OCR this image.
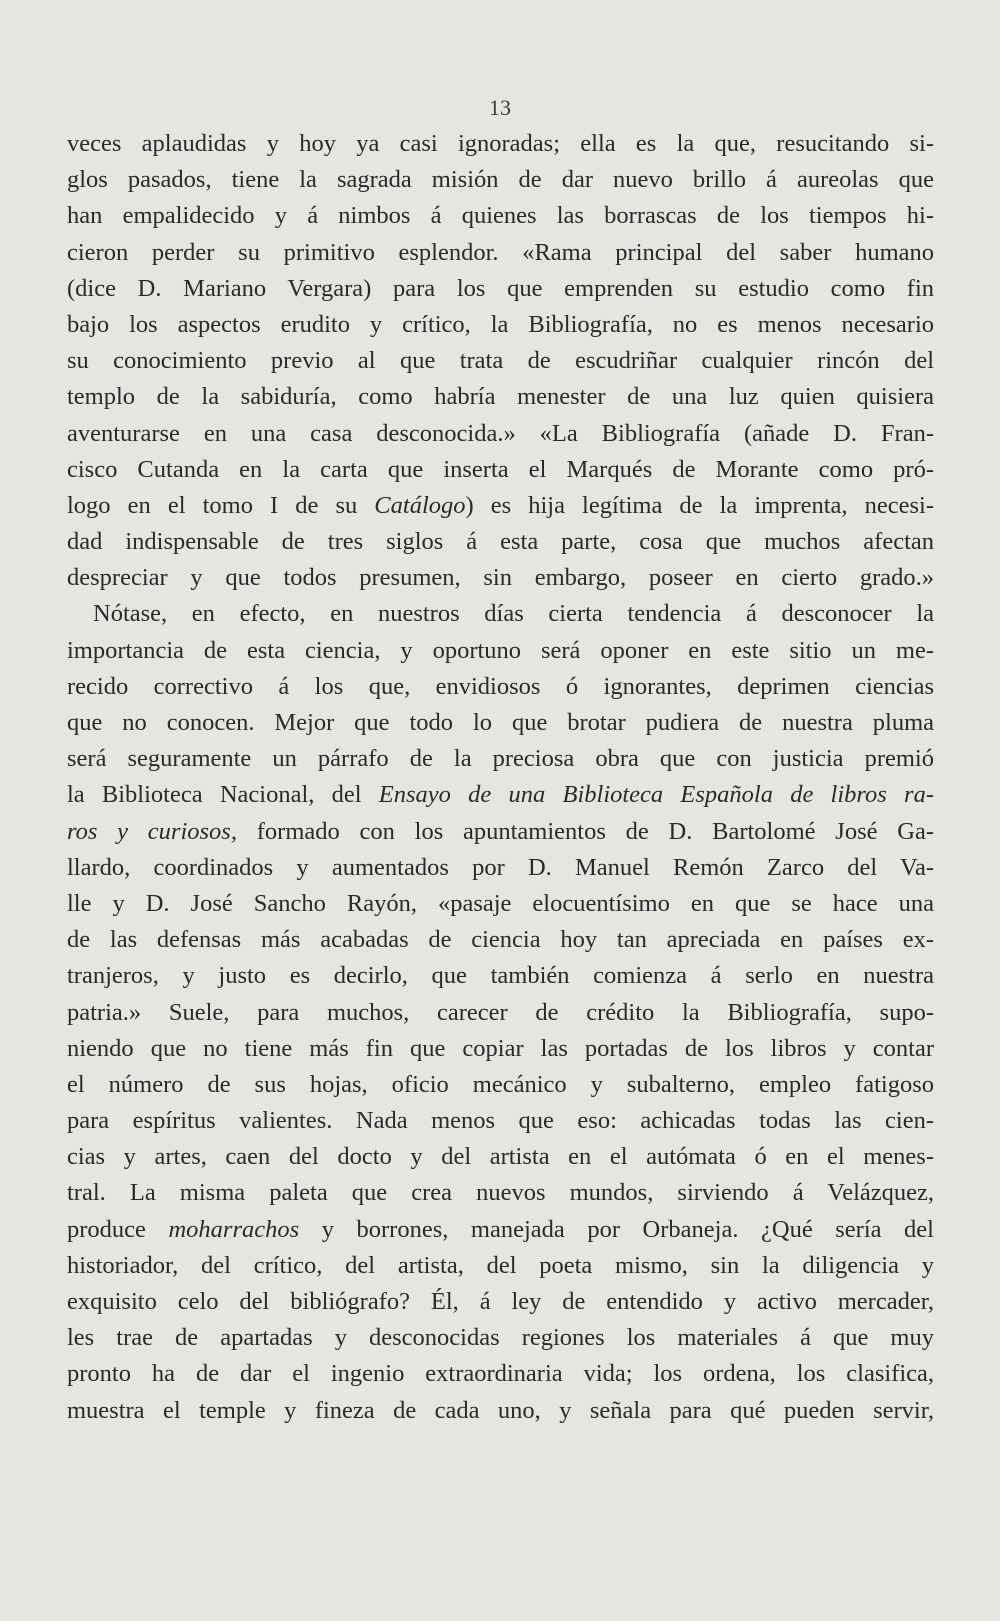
13

veces aplaudidas y hoy ya casi ignoradas; ella es la que, resucitando si-
glos pasados, tiene la sagrada misión de dar nuevo brillo á aureolas que
han empalidecido y á nimbos á quienes las borrascas de los tiempos hi-
cieron perder su primitivo esplendor. «Rama principal del saber humano
(dice D. Mariano Vergara) para los que emprenden su estudio como fin
bajo los aspectos erudito y crítico, la Bibliografía, no es menos necesario
su conocimiento previo al que trata de escudriñar cualquier rincón del
templo de la sabiduría, como habría menester de una luz quien quisiera
aventurarse en una casa desconocida.» «La Bibliografía (añade D. Fran-
cisco Cutanda en la carta que inserta el Marqués de Morante como pró-
logo en el tomo I de su Catálogo) es hija legítima de la imprenta, necesi-
dad indispensable de tres siglos á esta parte, cosa que muchos afectan
despreciar y que todos presumen, sin embargo, poseer en cierto grado.»
Nótase, en efecto, en nuestros días cierta tendencia á desconocer la
importancia de esta ciencia, y oportuno será oponer en este sitio un me-
recido correctivo á los que, envidiosos ó ignorantes, deprimen ciencias
que no conocen. Mejor que todo lo que brotar pudiera de nuestra pluma
será seguramente un párrafo de la preciosa obra que con justicia premió
la Biblioteca Nacional, del Ensayo de una Biblioteca Española de libros ra-
ros y curiosos, formado con los apuntamientos de D. Bartolomé José Ga-
llardo, coordinados y aumentados por D. Manuel Remón Zarco del Va-
lle y D. José Sancho Rayón, «pasaje elocuentísimo en que se hace una
de las defensas más acabadas de ciencia hoy tan apreciada en países ex-
tranjeros, y justo es decirlo, que también comienza á serlo en nuestra
patria.» Suele, para muchos, carecer de crédito la Bibliografía, supo-
niendo que no tiene más fin que copiar las portadas de los libros y contar
el número de sus hojas, oficio mecánico y subalterno, empleo fatigoso
para espíritus valientes. Nada menos que eso: achicadas todas las cien-
cias y artes, caen del docto y del artista en el autómata ó en el menes-
tral. La misma paleta que crea nuevos mundos, sirviendo á Velázquez,
produce moharrachos y borrones, manejada por Orbaneja. ¿Qué sería del
historiador, del crítico, del artista, del poeta mismo, sin la diligencia y
exquisito celo del bibliógrafo? Él, á ley de entendido y activo mercader,
les trae de apartadas y desconocidas regiones los materiales á que muy
pronto ha de dar el ingenio extraordinaria vida; los ordena, los clasifica,
muestra el temple y fineza de cada uno, y señala para qué pueden servir,
